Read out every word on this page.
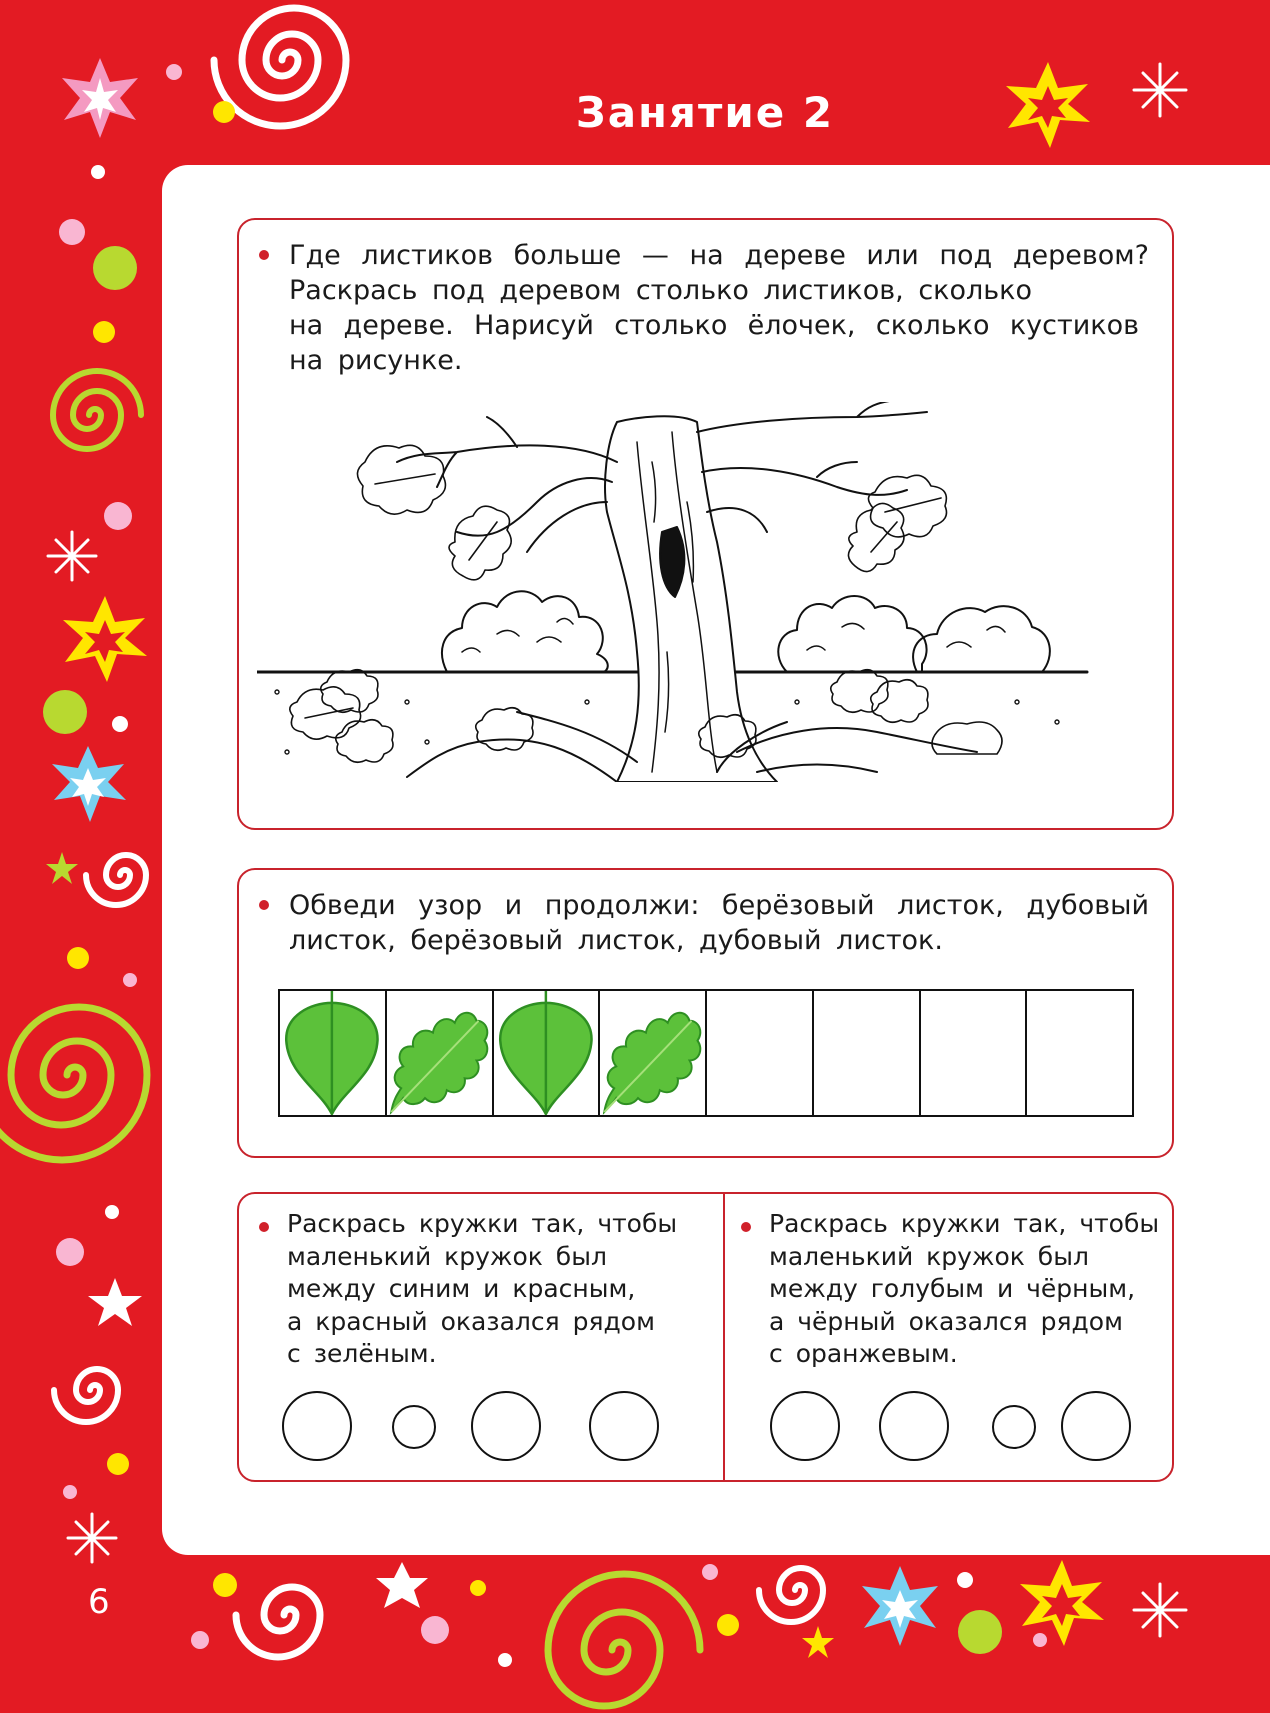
Занятие 2

Где листиков больше — на дереве или под деревом?

Раскрась под деревом столько листиков, сколько

на дереве. Нарисуй столько ёлочек, сколько кустиков

на рисунке.

Обведи узор и продолжи: берёзовый листок, дубовый

листок, берёзовый листок, дубовый листок.

Раскрась кружки так, чтобы

маленький кружок был

между синим и красным,

а красный оказался рядом

с зелёным.

Раскрась кружки так, чтобы

маленький кружок был

между голубым и чёрным,

а чёрный оказался рядом

с оранжевым.

6
